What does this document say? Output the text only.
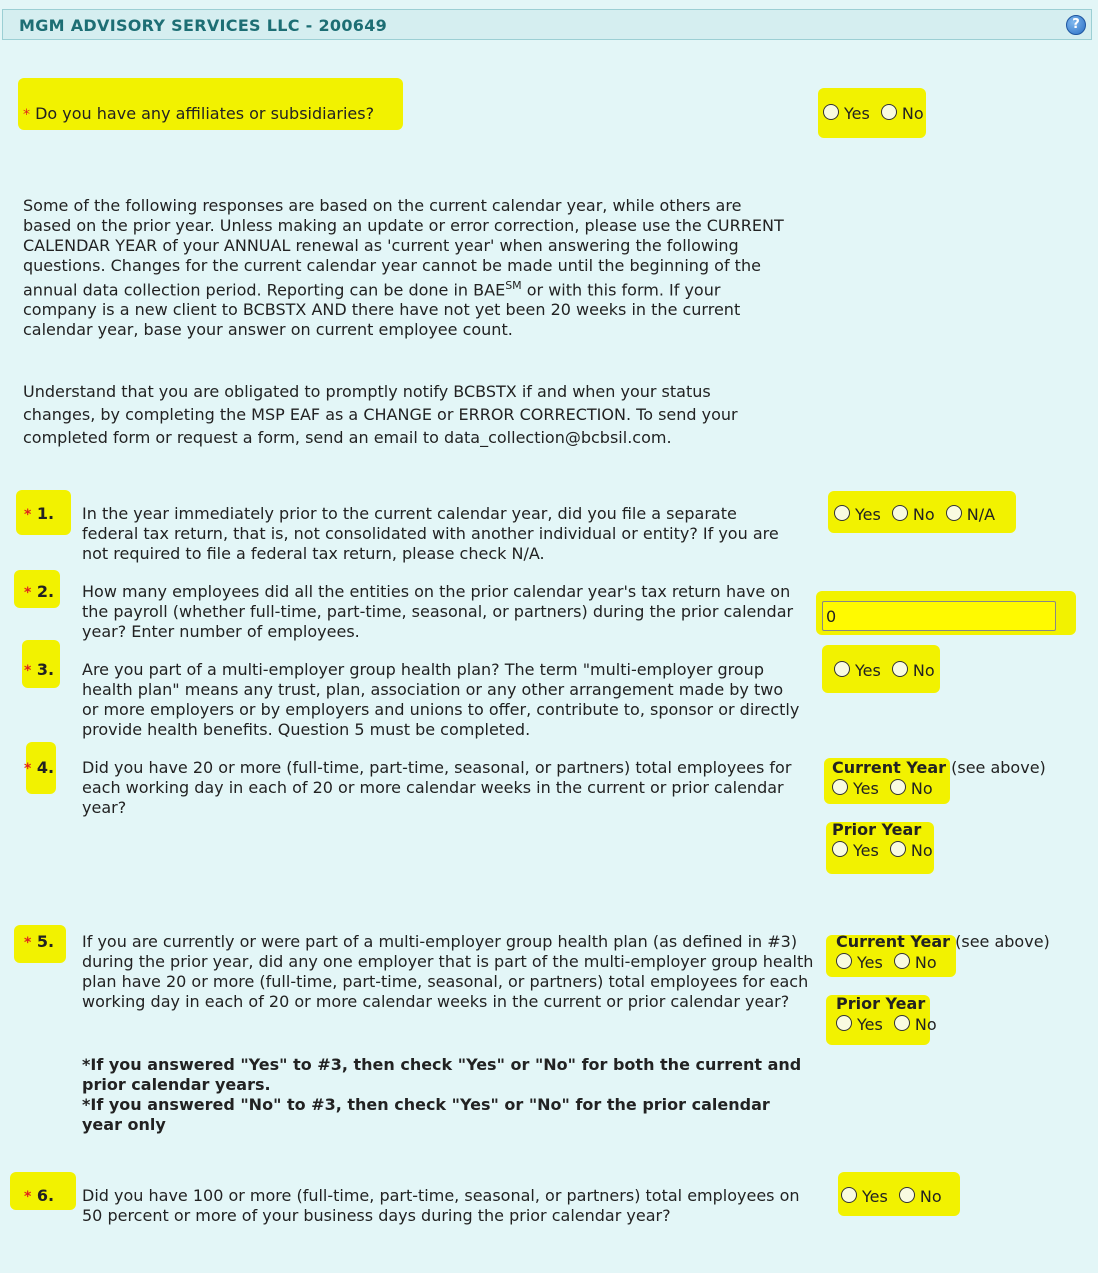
MGM ADVISORY SERVICES LLC - 200649	?
* Do you have any affiliates or subsidiaries?	Yes No
Some of the following responses are based on the current calendar year, while others are based on the prior year. Unless making an update or error correction, please use the CURRENT CALENDAR YEAR of your ANNUAL renewal as 'current year' when answering the following questions. Changes for the current calendar year cannot be made until the beginning of the annual data collection period. Reporting can be done in BAE℠ or with this form. If your company is a new client to BCBSTX AND there have not yet been 20 weeks in the current calendar year, base your answer on current employee count.
Understand that you are obligated to promptly notify BCBSTX if and when your status changes, by completing the MSP EAF as a CHANGE or ERROR CORRECTION. To send your completed form or request a form, send an email to data_collection@bcbsil.com.
* 1. In the year immediately prior to the current calendar year, did you file a separate federal tax return, that is, not consolidated with another individual or entity? If you are not required to file a federal tax return, please check N/A.
Yes No N/A
* 2. How many employees did all the entities on the prior calendar year's tax return have on the payroll (whether full-time, part-time, seasonal, or partners) during the prior calendar year? Enter number of employees.
0
* 3. Are you part of a multi-employer group health plan? The term "multi-employer group health plan" means any trust, plan, association or any other arrangement made by two or more employers or by employers and unions to offer, contribute to, sponsor or directly provide health benefits. Question 5 must be completed.
Yes No
* 4. Did you have 20 or more (full-time, part-time, seasonal, or partners) total employees for each working day in each of 20 or more calendar weeks in the current or prior calendar year?
Current Year (see above)
Yes No
Prior Year
Yes No
* 5. If you are currently or were part of a multi-employer group health plan (as defined in #3) during the prior year, did any one employer that is part of the multi-employer group health plan have 20 or more (full-time, part-time, seasonal, or partners) total employees for each working day in each of 20 or more calendar weeks in the current or prior calendar year?
*If you answered "Yes" to #3, then check "Yes" or "No" for both the current and prior calendar years.
*If you answered "No" to #3, then check "Yes" or "No" for the prior calendar year only
Current Year (see above)
Yes No
Prior Year
Yes No
* 6. Did you have 100 or more (full-time, part-time, seasonal, or partners) total employees on 50 percent or more of your business days during the prior calendar year?
Yes No
